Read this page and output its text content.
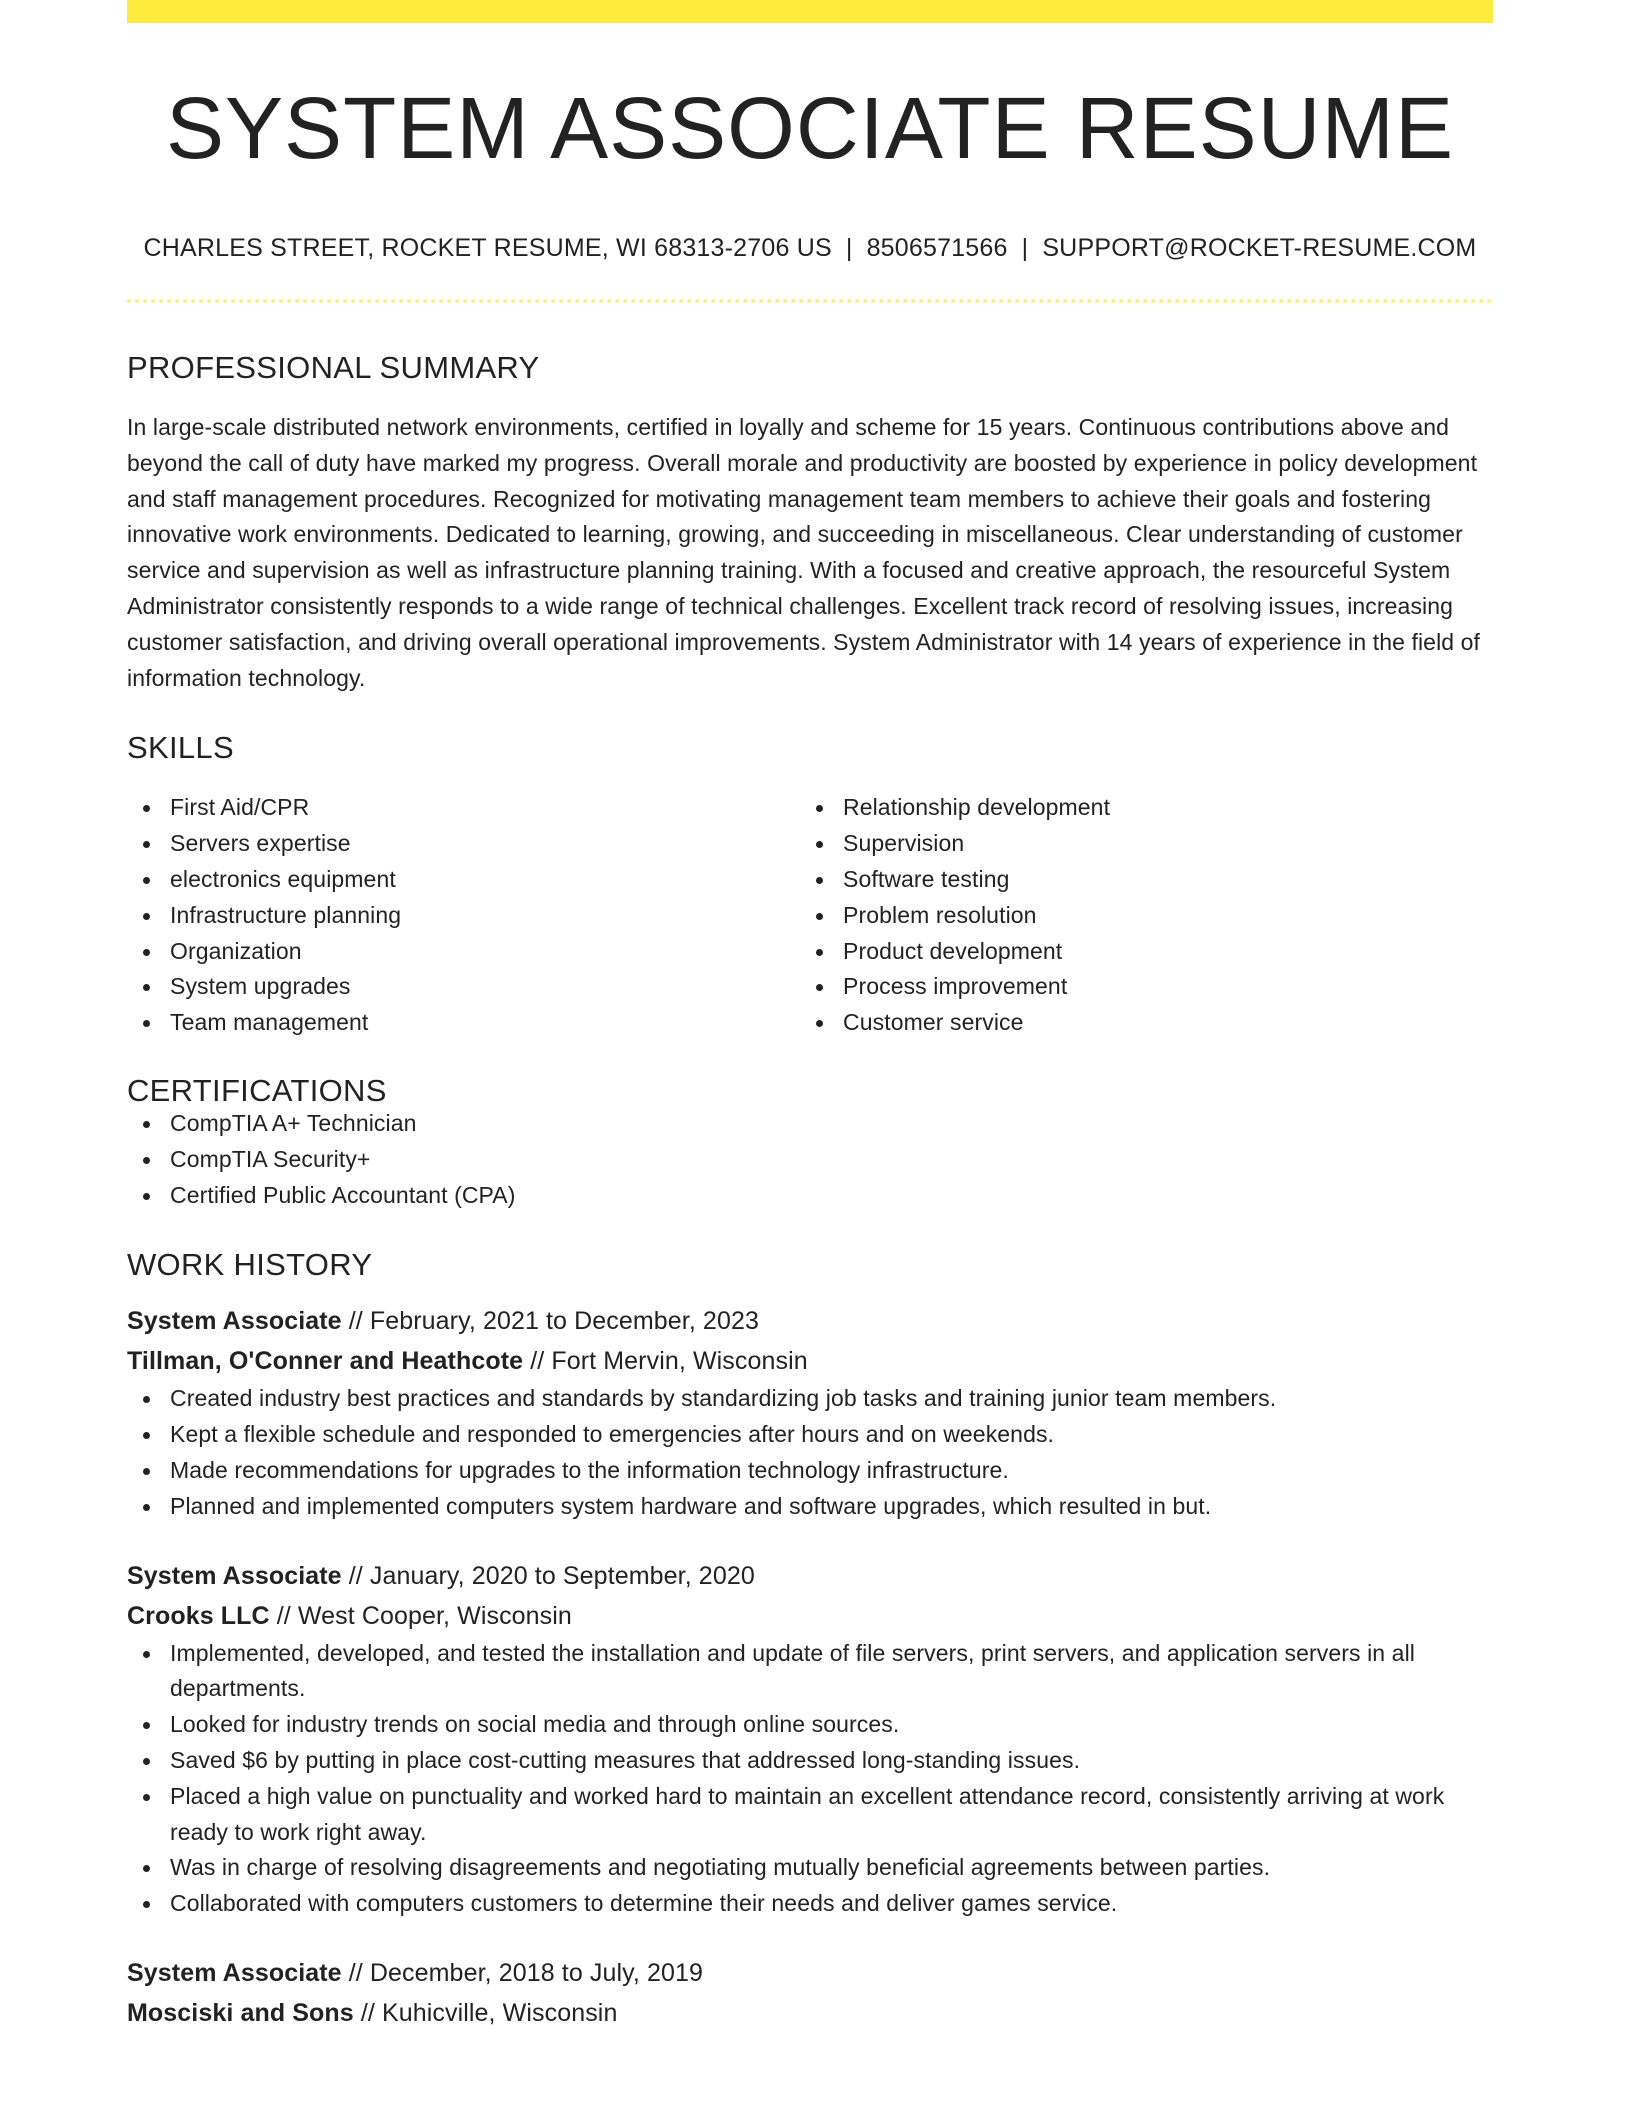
SYSTEM ASSOCIATE RESUME
CHARLES STREET, ROCKET RESUME, WI 68313-2706 US | 8506571566 | SUPPORT@ROCKET-RESUME.COM
PROFESSIONAL SUMMARY

In large-scale distributed network environments, certified in loyally and scheme for 15 years. Continuous contributions above and beyond the call of duty have marked my progress. Overall morale and productivity are boosted by experience in policy development and staff management procedures. Recognized for motivating management team members to achieve their goals and fostering innovative work environments. Dedicated to learning, growing, and succeeding in miscellaneous. Clear understanding of customer service and supervision as well as infrastructure planning training. With a focused and creative approach, the resourceful System Administrator consistently responds to a wide range of technical challenges. Excellent track record of resolving issues, increasing customer satisfaction, and driving overall operational improvements. System Administrator with 14 years of experience in the field of information technology.

SKILLS
First Aid/CPR
Servers expertise
electronics equipment
Infrastructure planning
Organization
System upgrades
Team management
Relationship development
Supervision
Software testing
Problem resolution
Product development
Process improvement
Customer service
CERTIFICATIONS
CompTIA A+ Technician
CompTIA Security+
Certified Public Accountant (CPA)
WORK HISTORY
System Associate // February, 2021 to December, 2023
Tillman, O'Conner and Heathcote // Fort Mervin, Wisconsin
Created industry best practices and standards by standardizing job tasks and training junior team members.
Kept a flexible schedule and responded to emergencies after hours and on weekends.
Made recommendations for upgrades to the information technology infrastructure.
Planned and implemented computers system hardware and software upgrades, which resulted in but.
System Associate // January, 2020 to September, 2020
Crooks LLC // West Cooper, Wisconsin
Implemented, developed, and tested the installation and update of file servers, print servers, and application servers in all departments.
Looked for industry trends on social media and through online sources.
Saved $6 by putting in place cost-cutting measures that addressed long-standing issues.
Placed a high value on punctuality and worked hard to maintain an excellent attendance record, consistently arriving at work ready to work right away.
Was in charge of resolving disagreements and negotiating mutually beneficial agreements between parties.
Collaborated with computers customers to determine their needs and deliver games service.
System Associate // December, 2018 to July, 2019
Mosciski and Sons // Kuhicville, Wisconsin
